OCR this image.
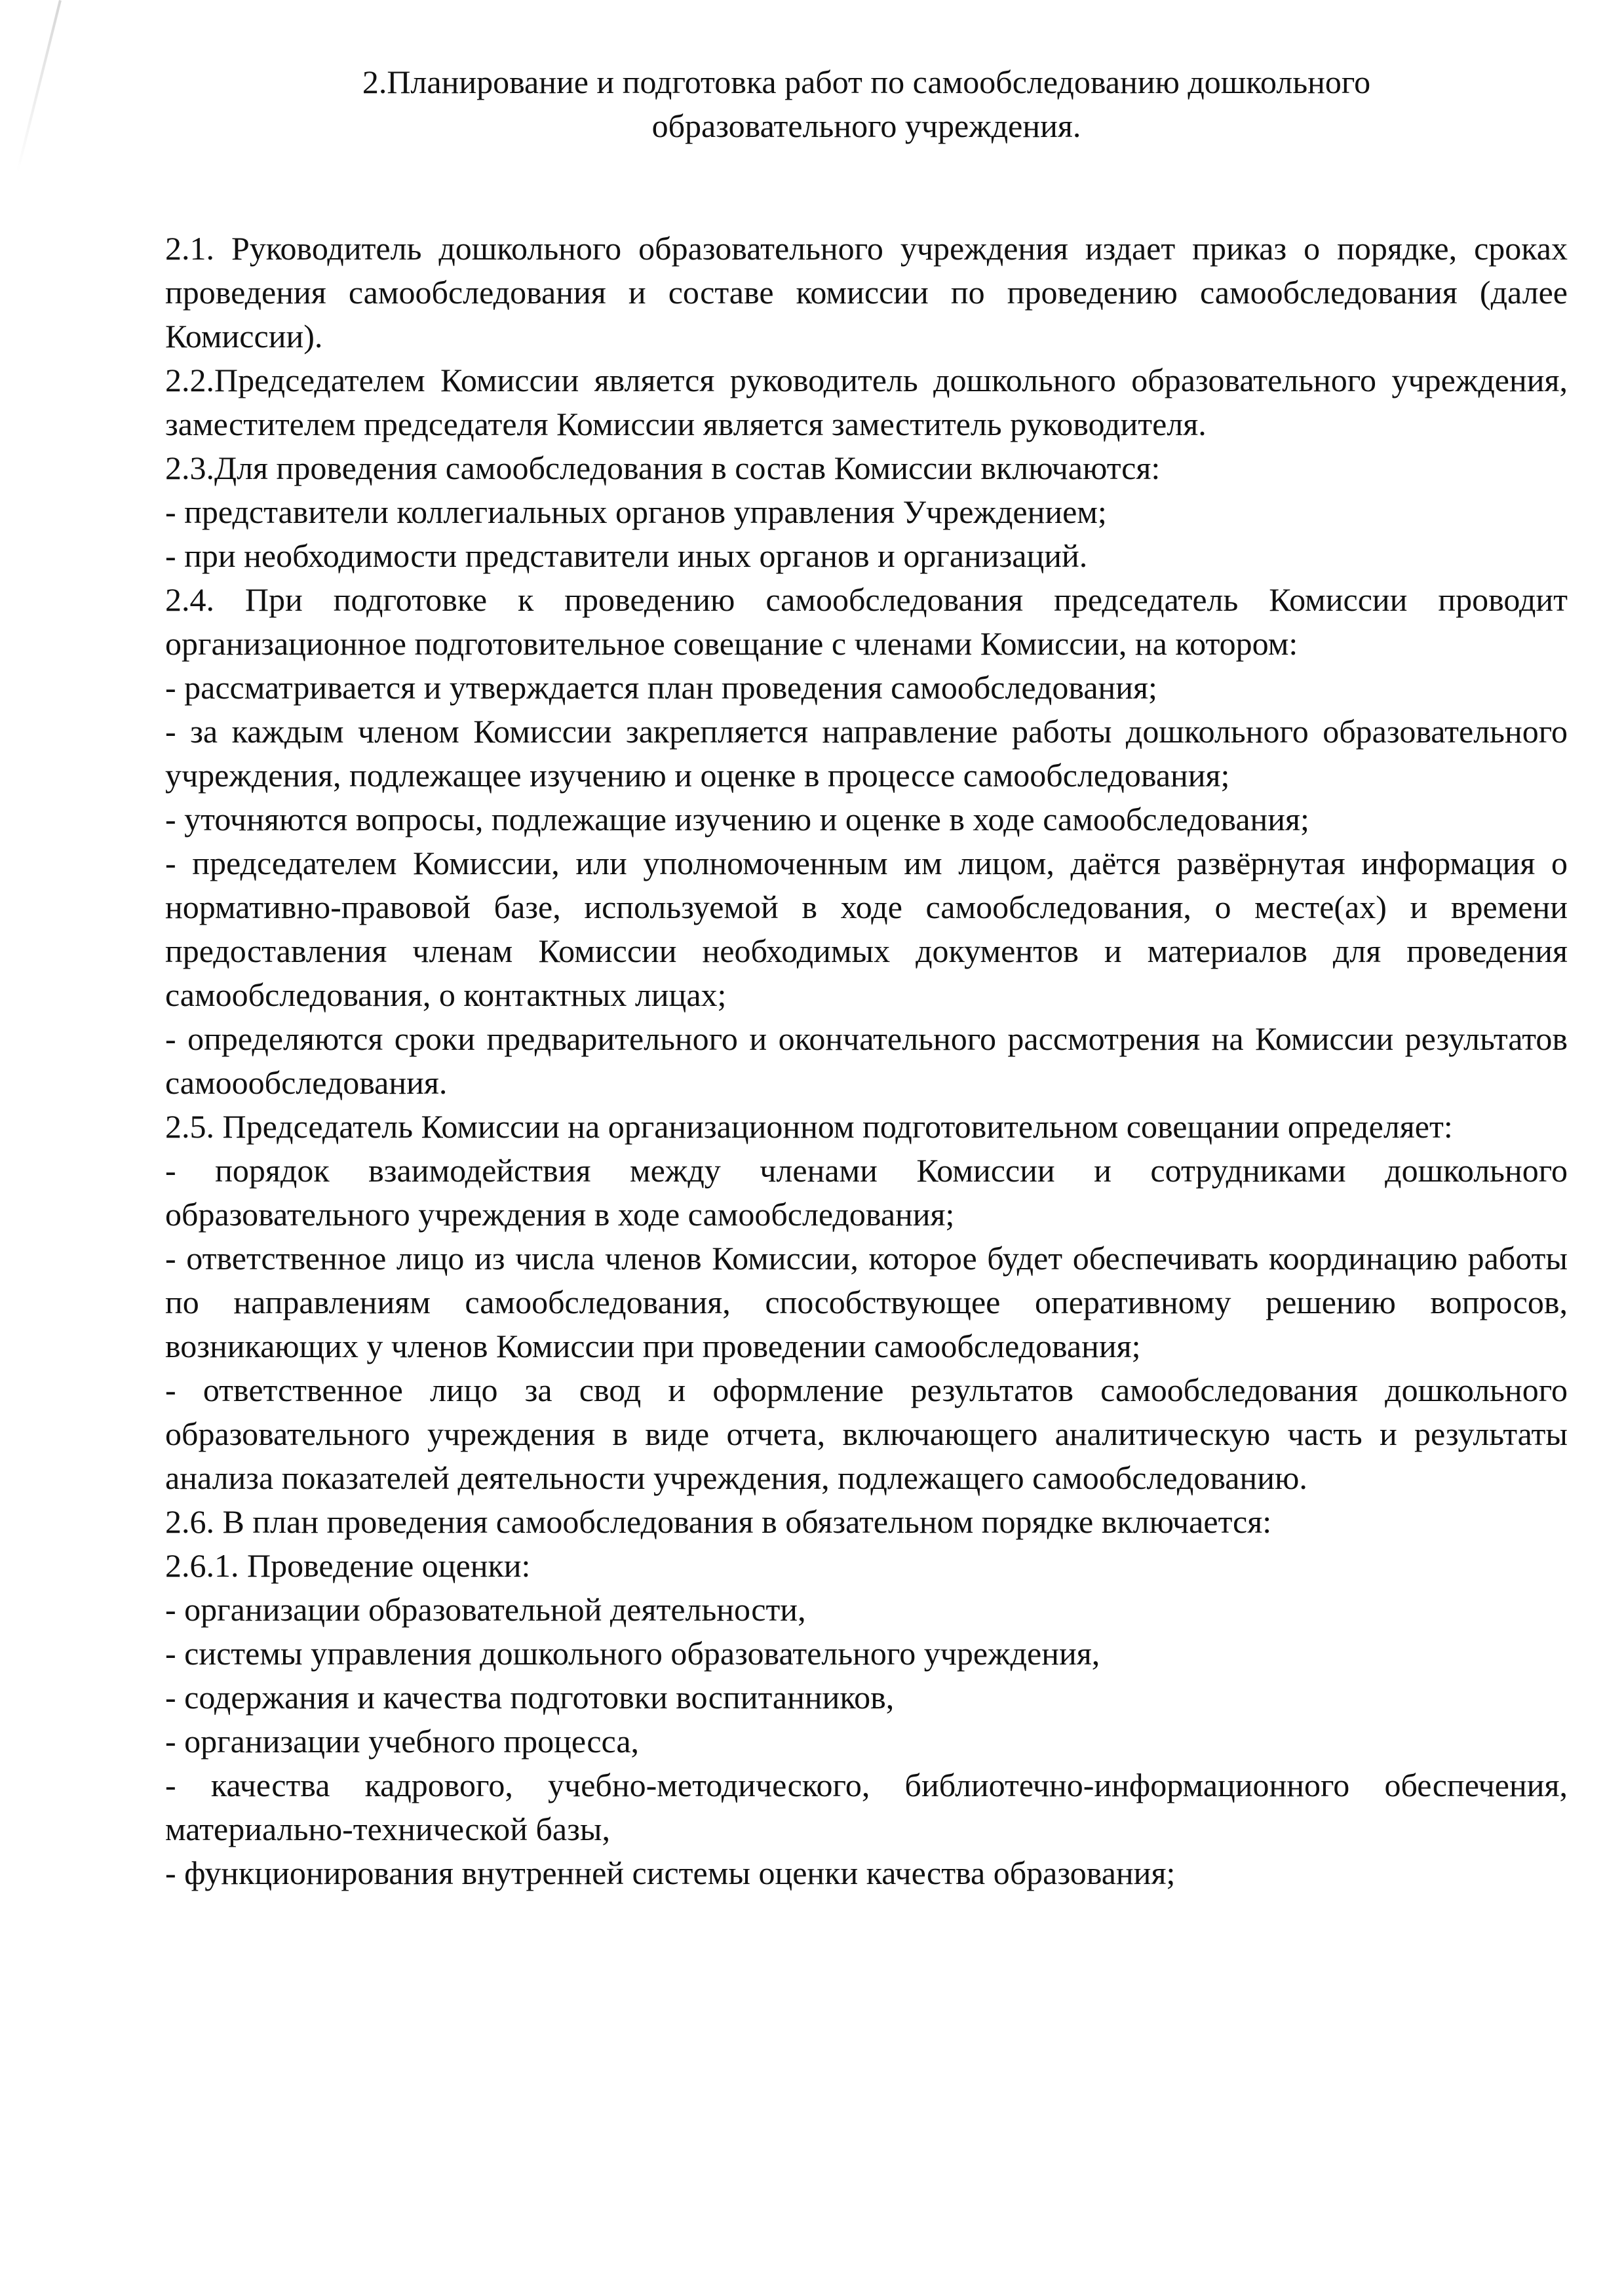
2.Планирование и подготовка работ по самообследованию дошкольного
образовательного учреждения.

2.1. Руководитель дошкольного образовательного учреждения издает приказ о порядке, сроках проведения самообследования и составе комиссии по проведению самообследования (далее Комиссии).

2.2.Председателем Комиссии является руководитель дошкольного образовательного учреждения, заместителем председателя Комиссии является заместитель руководителя.

2.3.Для проведения самообследования в состав Комиссии включаются:

- представители коллегиальных органов управления Учреждением;

- при необходимости представители иных органов и организаций.

2.4. При подготовке к проведению самообследования председатель Комиссии проводит организационное подготовительное совещание с членами Комиссии, на котором:

- рассматривается и утверждается план проведения самообследования;

- за каждым членом Комиссии закрепляется направление работы дошкольного образовательного учреждения, подлежащее изучению и оценке в процессе самообследования;

- уточняются вопросы, подлежащие изучению и оценке в ходе самообследования;

- председателем Комиссии, или уполномоченным им лицом, даётся развёрнутая информация о нормативно-правовой базе, используемой в ходе самообследования, о месте(ах) и времени предоставления членам Комиссии необходимых документов и материалов для проведения самообследования, о контактных лицах;

- определяются сроки предварительного и окончательного рассмотрения на Комиссии результатов самоообследования.

2.5. Председатель Комиссии на организационном подготовительном совещании определяет:

- порядок взаимодействия между членами Комиссии и сотрудниками дошкольного образовательного учреждения в ходе самообследования;

- ответственное лицо из числа членов Комиссии, которое будет обеспечивать координацию работы по направлениям самообследования, способствующее оперативному решению вопросов, возникающих у членов Комиссии при проведении самообследования;

- ответственное лицо за свод и оформление результатов самообследования дошкольного образовательного учреждения в виде отчета, включающего аналитическую часть и результаты анализа показателей деятельности учреждения, подлежащего самообследованию.

2.6. В план проведения самообследования в обязательном порядке включается:

2.6.1. Проведение оценки:

- организации образовательной деятельности,

- системы управления дошкольного образовательного учреждения,

- содержания и качества подготовки воспитанников,

- организации учебного процесса,

- качества кадрового, учебно-методического, библиотечно-информационного обеспечения, материально-технической базы,

- функционирования внутренней системы оценки качества образования;
